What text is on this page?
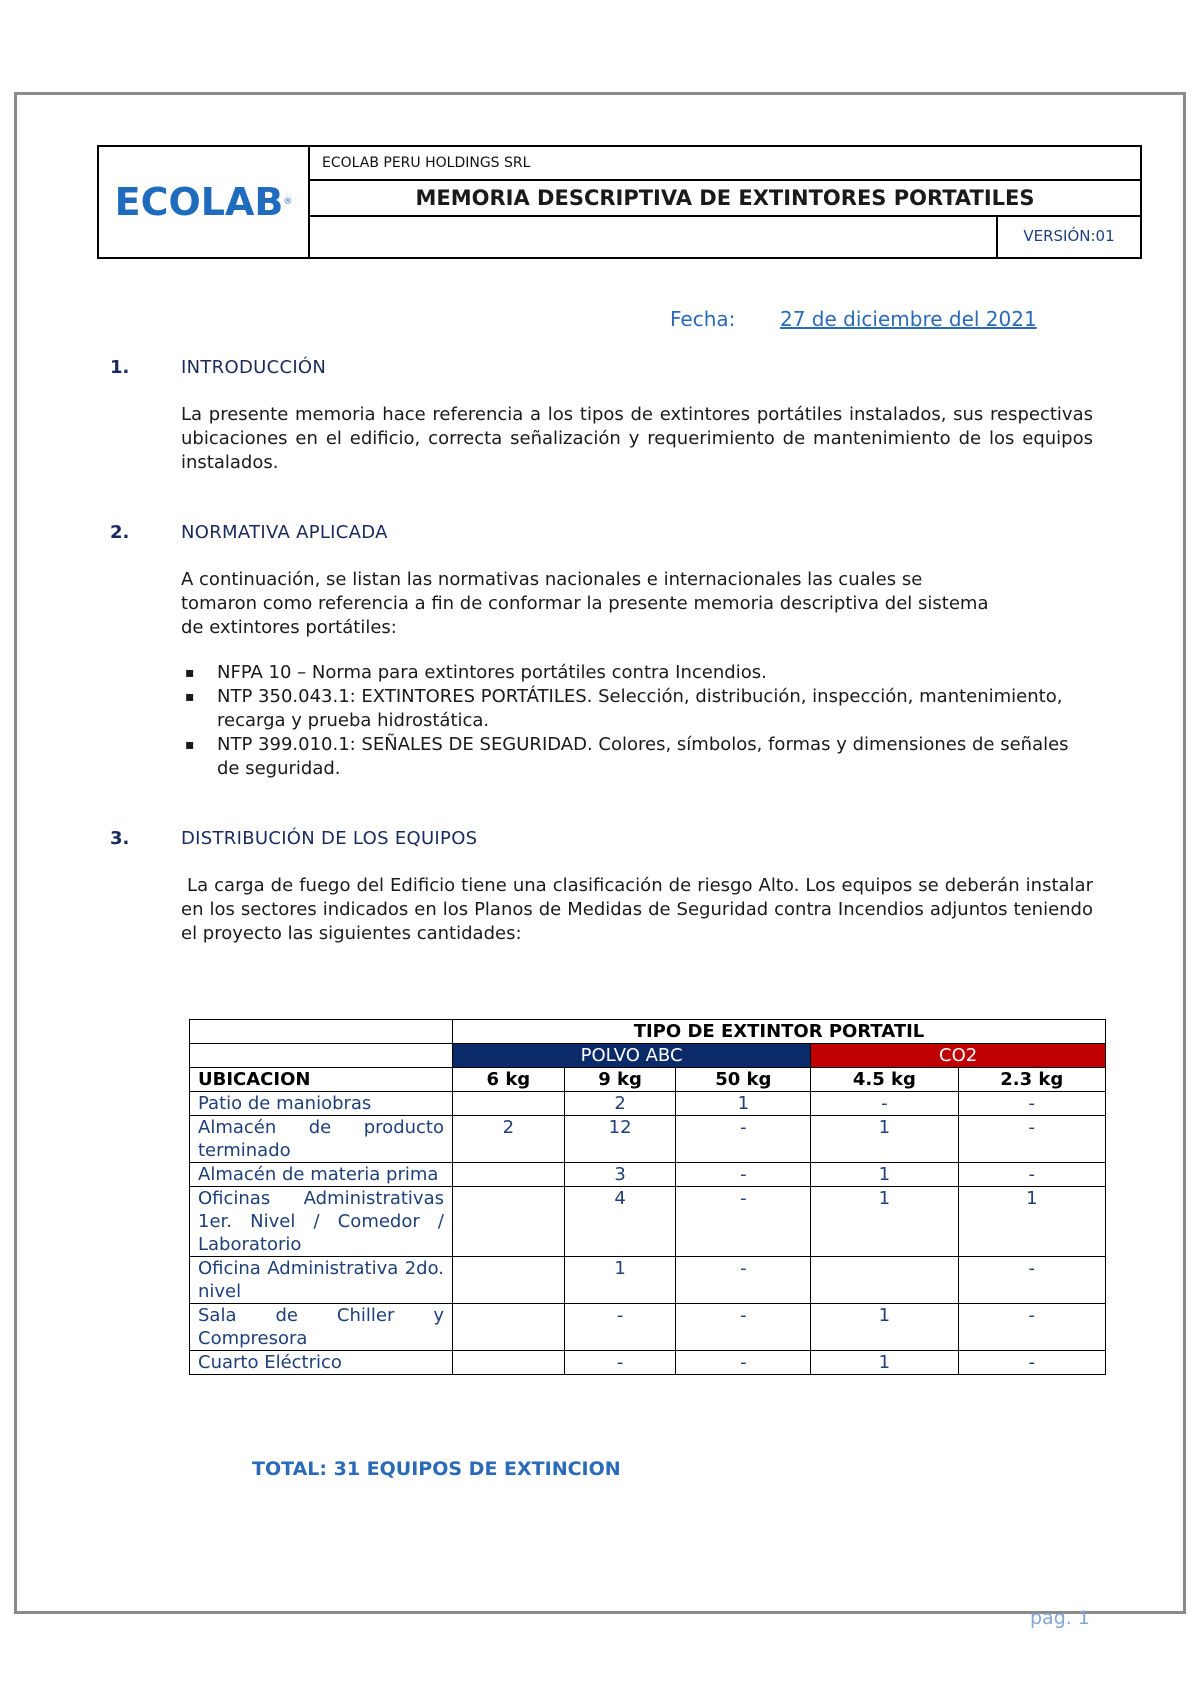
ECOLAB ®
ECOLAB PERU HOLDINGS SRL
MEMORIA DESCRIPTIVA DE EXTINTORES PORTATILES
VERSIÓN:01
Fecha: 27 de diciembre del 2021
1.	INTRODUCCIÓN
La presente memoria hace referencia a los tipos de extintores portátiles instalados, sus respectivas ubicaciones en el edificio, correcta señalización y requerimiento de mantenimiento de los equipos instalados.
2.	NORMATIVA APLICADA
A continuación, se listan las normativas nacionales e internacionales las cuales se
tomaron como referencia a fin de conformar la presente memoria descriptiva del sistema
de extintores portátiles:
▪ NFPA 10 – Norma para extintores portátiles contra Incendios.
▪ NTP 350.043.1: EXTINTORES PORTÁTILES. Selección, distribución, inspección, mantenimiento, recarga y prueba hidrostática.
▪ NTP 399.010.1: SEÑALES DE SEGURIDAD. Colores, símbolos, formas y dimensiones de señales de seguridad.
3.	DISTRIBUCIÓN DE LOS EQUIPOS
La carga de fuego del Edificio tiene una clasificación de riesgo Alto. Los equipos se deberán instalar en los sectores indicados en los Planos de Medidas de Seguridad contra Incendios adjuntos teniendo el proyecto las siguientes cantidades:
	TIPO DE EXTINTOR PORTATIL				
	POLVO ABC			CO2	
UBICACION	6 kg	9 kg	50 kg	4.5 kg	2.3 kg
Patio de maniobras		2	1	-	-
Almacén de producto terminado	2	12	-	1	-
Almacén de materia prima		3	-	1	-
Oficinas Administrativas 1er. Nivel / Comedor / Laboratorio		4	-	1	1
Oficina Administrativa 2do. nivel		1	-		-
Sala de Chiller y Compresora		-	-	1	-
Cuarto Eléctrico		-	-	1	-
TOTAL: 31 EQUIPOS DE EXTINCION
pag. 1
